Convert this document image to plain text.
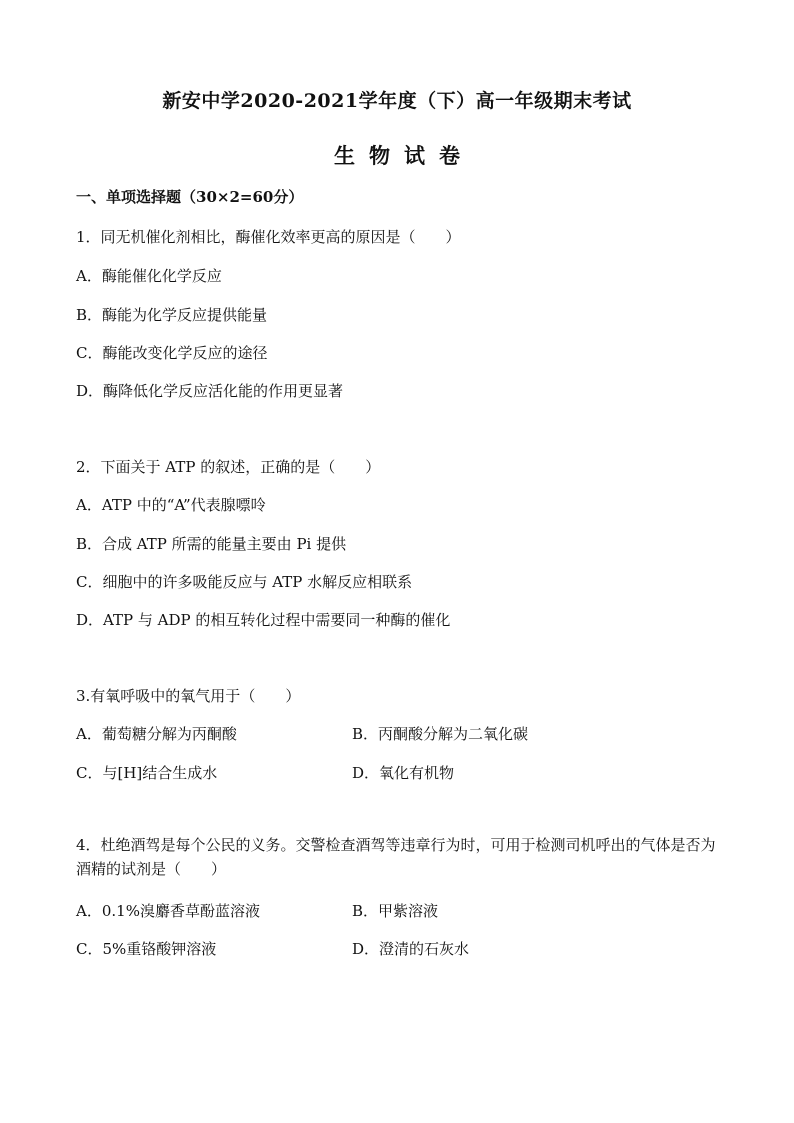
新安中学2020-2021学年度（下）高一年级期末考试
生物试卷
一、单项选择题（30×2=60分）
1．同无机催化剂相比，酶催化效率更高的原因是（　　）
A．酶能催化化学反应
B．酶能为化学反应提供能量
C．酶能改变化学反应的途径
D．酶降低化学反应活化能的作用更显著
2．下面关于 ATP 的叙述，正确的是（　　）
A．ATP 中的“A”代表腺嘌呤
B．合成 ATP 所需的能量主要由 Pi 提供
C．细胞中的许多吸能反应与 ATP 水解反应相联系
D．ATP 与 ADP 的相互转化过程中需要同一种酶的催化
3.有氧呼吸中的氧气用于（　　）
A．葡萄糖分解为丙酮酸	B．丙酮酸分解为二氧化碳
C．与[H]结合生成水	D．氧化有机物
4．杜绝酒驾是每个公民的义务。交警检查酒驾等违章行为时，可用于检测司机呼出的气体是否为酒精的试剂是（　　）
A．0.1%溴麝香草酚蓝溶液	B．甲紫溶液
C．5%重铬酸钾溶液	D．澄清的石灰水
